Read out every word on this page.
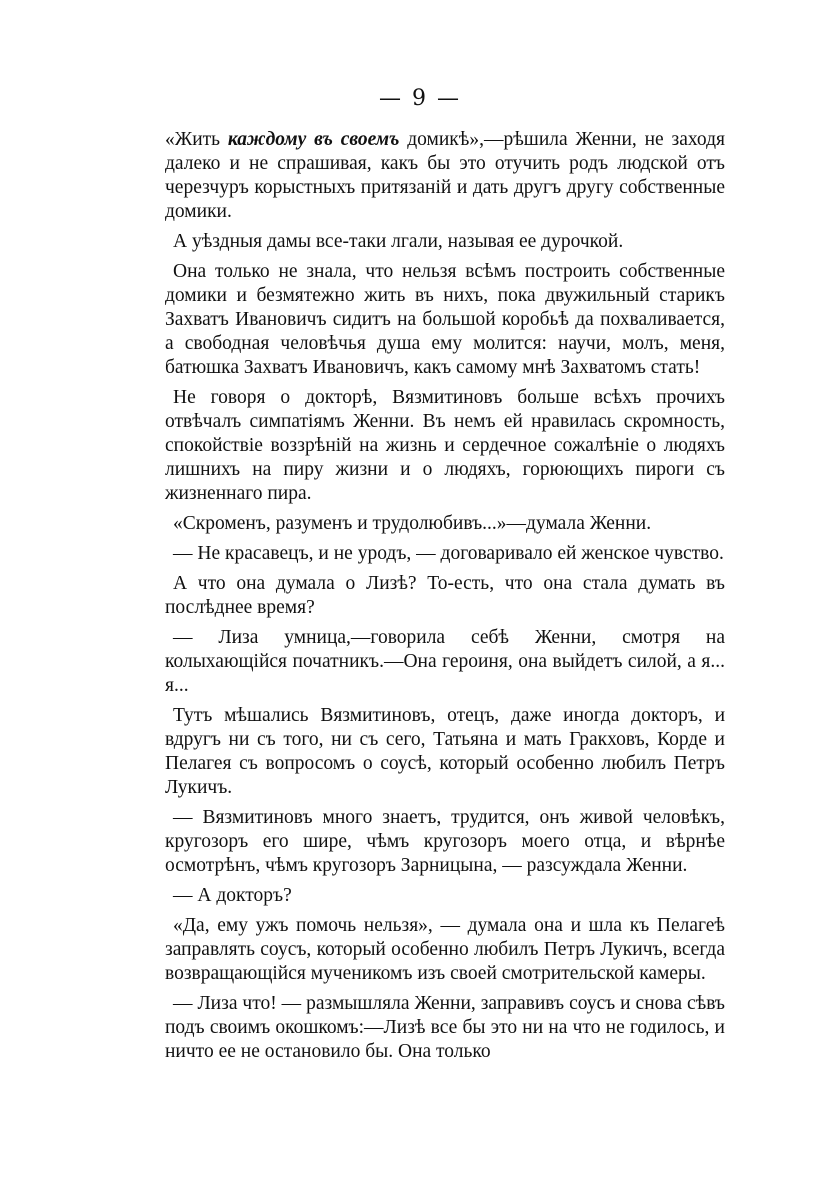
— 9 —

«Жить каждому въ своемъ домикѣ»,—рѣшила Женни, не заходя далеко и не спрашивая, какъ бы это отучить родъ людской отъ черезчуръ корыстныхъ притязаній и дать другъ другу собственные домики.

А уѣздныя дамы все-таки лгали, называя ее дурочкой.

Она только не знала, что нельзя всѣмъ построить собственные домики и безмятежно жить въ нихъ, пока двужильный старикъ Захватъ Ивановичъ сидитъ на большой коробьѣ да похваливается, а свободная человѣчья душа ему молится: научи, молъ, меня, батюшка Захватъ Ивановичъ, какъ самому мнѣ Захватомъ стать!

Не говоря о докторѣ, Вязмитиновъ больше всѣхъ прочихъ отвѣчалъ симпатіямъ Женни. Въ немъ ей нравилась скромность, спокойствіе воззрѣній на жизнь и сердечное сожалѣніе о людяхъ лишнихъ на пиру жизни и о людяхъ, горюющихъ пироги съ жизненнаго пира.

«Скроменъ, разуменъ и трудолюбивъ...»—думала Женни.

— Не красавецъ, и не уродъ, — договаривало ей женское чувство.

А что она думала о Лизѣ? То-есть, что она стала думать въ послѣднее время?

— Лиза умница,—говорила себѣ Женни, смотря на колыхающійся початникъ.—Она героиня, она выйдетъ силой, а я... я...

Тутъ мѣшались Вязмитиновъ, отецъ, даже иногда докторъ, и вдругъ ни съ того, ни съ сего, Татьяна и мать Гракховъ, Корде и Пелагея съ вопросомъ о соусѣ, который особенно любилъ Петръ Лукичъ.

— Вязмитиновъ много знаетъ, трудится, онъ живой человѣкъ, кругозоръ его шире, чѣмъ кругозоръ моего отца, и вѣрнѣе осмотрѣнъ, чѣмъ кругозоръ Зарницына, — разсуждала Женни.

— А докторъ?

«Да, ему ужъ помочь нельзя», — думала она и шла къ Пелагеѣ заправлять соусъ, который особенно любилъ Петръ Лукичъ, всегда возвращающійся мученикомъ изъ своей смотрительской камеры.

— Лиза что! — размышляла Женни, заправивъ соусъ и снова сѣвъ подъ своимъ окошкомъ:—Лизѣ все бы это ни на что не годилось, и ничто ее не остановило бы. Она только
